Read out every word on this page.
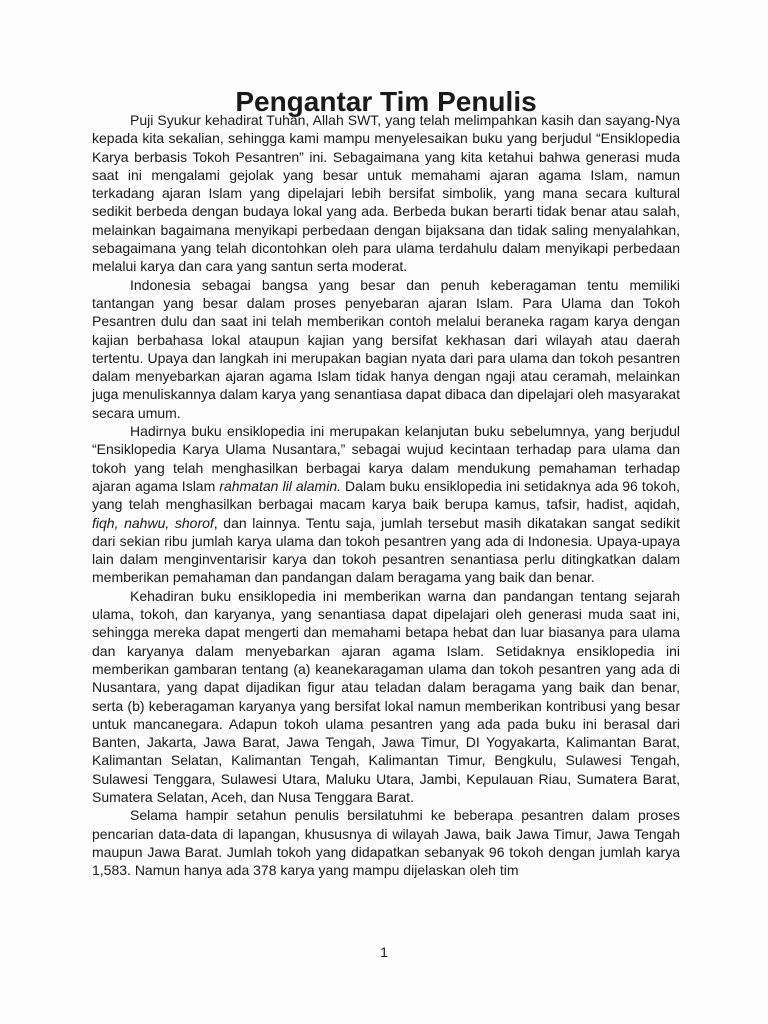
Pengantar Tim Penulis

Puji Syukur kehadirat Tuhan, Allah SWT, yang telah melimpahkan kasih dan sayang-Nya kepada kita sekalian, sehingga kami mampu menyelesaikan buku yang berjudul “Ensiklopedia Karya berbasis Tokoh Pesantren” ini. Sebagaimana yang kita ketahui bahwa generasi muda saat ini mengalami gejolak yang besar untuk memahami ajaran agama Islam, namun terkadang ajaran Islam yang dipelajari lebih bersifat simbolik, yang mana secara kultural sedikit berbeda dengan budaya lokal yang ada. Berbeda bukan berarti tidak benar atau salah, melainkan bagaimana menyikapi perbedaan dengan bijaksana dan tidak saling menyalahkan, sebagaimana yang telah dicontohkan oleh para ulama terdahulu dalam menyikapi perbedaan melalui karya dan cara yang santun serta moderat.

Indonesia sebagai bangsa yang besar dan penuh keberagaman tentu memiliki tantangan yang besar dalam proses penyebaran ajaran Islam. Para Ulama dan Tokoh Pesantren dulu dan saat ini telah memberikan contoh melalui beraneka ragam karya dengan kajian berbahasa lokal ataupun kajian yang bersifat kekhasan dari wilayah atau daerah tertentu. Upaya dan langkah ini merupakan bagian nyata dari para ulama dan tokoh pesantren dalam menyebarkan ajaran agama Islam tidak hanya dengan ngaji atau ceramah, melainkan juga menuliskannya dalam karya yang senantiasa dapat dibaca dan dipelajari oleh masyarakat secara umum.

Hadirnya buku ensiklopedia ini merupakan kelanjutan buku sebelumnya, yang berjudul “Ensiklopedia Karya Ulama Nusantara,” sebagai wujud kecintaan terhadap para ulama dan tokoh yang telah menghasilkan berbagai karya dalam mendukung pemahaman terhadap ajaran agama Islam rahmatan lil alamin. Dalam buku ensiklopedia ini setidaknya ada 96 tokoh, yang telah menghasilkan berbagai macam karya baik berupa kamus, tafsir, hadist, aqidah, fiqh, nahwu, shorof, dan lainnya. Tentu saja, jumlah tersebut masih dikatakan sangat sedikit dari sekian ribu jumlah karya ulama dan tokoh pesantren yang ada di Indonesia. Upaya-upaya lain dalam menginventarisir karya dan tokoh pesantren senantiasa perlu ditingkatkan dalam memberikan pemahaman dan pandangan dalam beragama yang baik dan benar.

Kehadiran buku ensiklopedia ini memberikan warna dan pandangan tentang sejarah ulama, tokoh, dan karyanya, yang senantiasa dapat dipelajari oleh generasi muda saat ini, sehingga mereka dapat mengerti dan memahami betapa hebat dan luar biasanya para ulama dan karyanya dalam menyebarkan ajaran agama Islam. Setidaknya ensiklopedia ini memberikan gambaran tentang (a) keanekaragaman ulama dan tokoh pesantren yang ada di Nusantara, yang dapat dijadikan figur atau teladan dalam beragama yang baik dan benar, serta (b) keberagaman karyanya yang bersifat lokal namun memberikan kontribusi yang besar untuk mancanegara. Adapun tokoh ulama pesantren yang ada pada buku ini berasal dari Banten, Jakarta, Jawa Barat, Jawa Tengah, Jawa Timur, DI Yogyakarta, Kalimantan Barat, Kalimantan Selatan, Kalimantan Tengah, Kalimantan Timur, Bengkulu, Sulawesi Tengah, Sulawesi Tenggara, Sulawesi Utara, Maluku Utara, Jambi, Kepulauan Riau, Sumatera Barat, Sumatera Selatan, Aceh, dan Nusa Tenggara Barat.

Selama hampir setahun penulis bersilatuhmi ke beberapa pesantren dalam proses pencarian data-data di lapangan, khususnya di wilayah Jawa, baik Jawa Timur, Jawa Tengah maupun Jawa Barat. Jumlah tokoh yang didapatkan sebanyak 96 tokoh dengan jumlah karya 1,583. Namun hanya ada 378 karya yang mampu dijelaskan oleh tim

1
